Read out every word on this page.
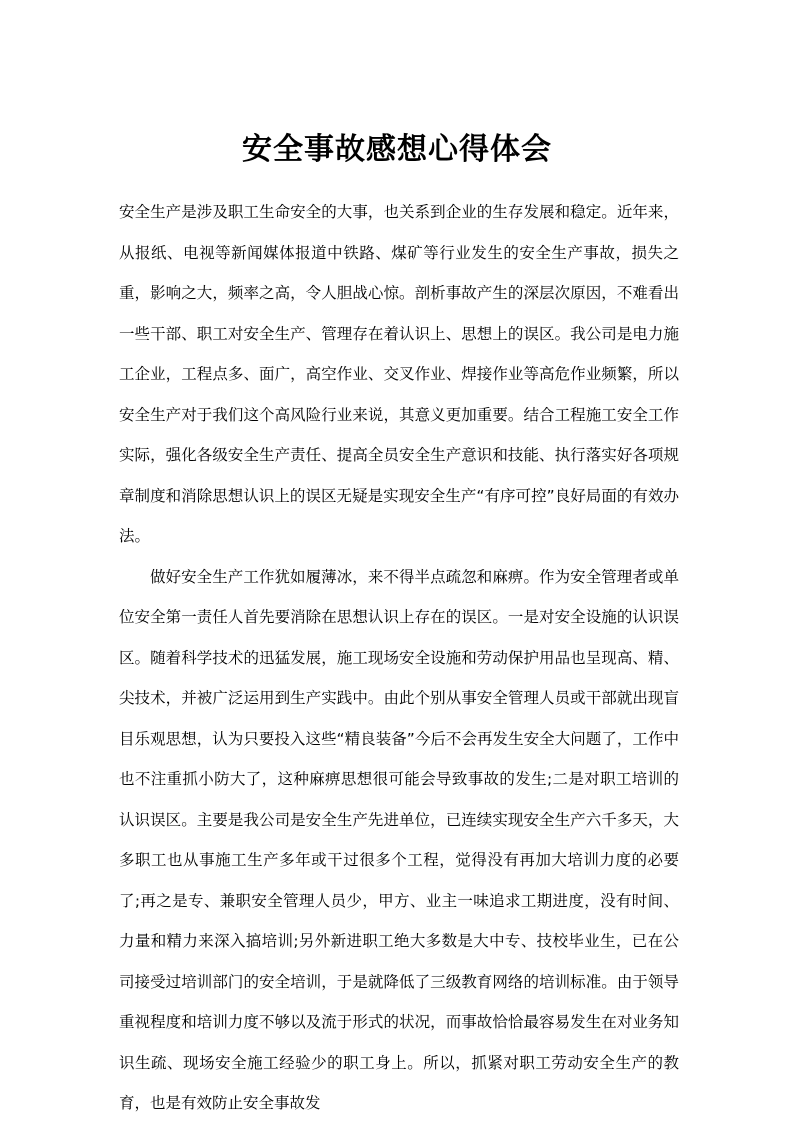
安全事故感想心得体会

安全生产是涉及职工生命安全的大事，也关系到企业的生存发展和稳定。近年来，从报纸、电视等新闻媒体报道中铁路、煤矿等行业发生的安全生产事故，损失之重，影响之大，频率之高，令人胆战心惊。剖析事故产生的深层次原因，不难看出一些干部、职工对安全生产、管理存在着认识上、思想上的误区。我公司是电力施工企业，工程点多、面广，高空作业、交叉作业、焊接作业等高危作业频繁，所以安全生产对于我们这个高风险行业来说，其意义更加重要。结合工程施工安全工作实际，强化各级安全生产责任、提高全员安全生产意识和技能、执行落实好各项规章制度和消除思想认识上的误区无疑是实现安全生产“有序可控”良好局面的有效办法。

做好安全生产工作犹如履薄冰，来不得半点疏忽和麻痹。作为安全管理者或单位安全第一责任人首先要消除在思想认识上存在的误区。一是对安全设施的认识误区。随着科学技术的迅猛发展，施工现场安全设施和劳动保护用品也呈现高、精、尖技术，并被广泛运用到生产实践中。由此个别从事安全管理人员或干部就出现盲目乐观思想，认为只要投入这些“精良装备”今后不会再发生安全大问题了，工作中也不注重抓小防大了，这种麻痹思想很可能会导致事故的发生;二是对职工培训的认识误区。主要是我公司是安全生产先进单位，已连续实现安全生产六千多天，大多职工也从事施工生产多年或干过很多个工程，觉得没有再加大培训力度的必要了;再之是专、兼职安全管理人员少，甲方、业主一味追求工期进度，没有时间、力量和精力来深入搞培训;另外新进职工绝大多数是大中专、技校毕业生，已在公司接受过培训部门的安全培训，于是就降低了三级教育网络的培训标准。由于领导重视程度和培训力度不够以及流于形式的状况，而事故恰恰最容易发生在对业务知识生疏、现场安全施工经验少的职工身上。所以，抓紧对职工劳动安全生产的教育，也是有效防止安全事故发
